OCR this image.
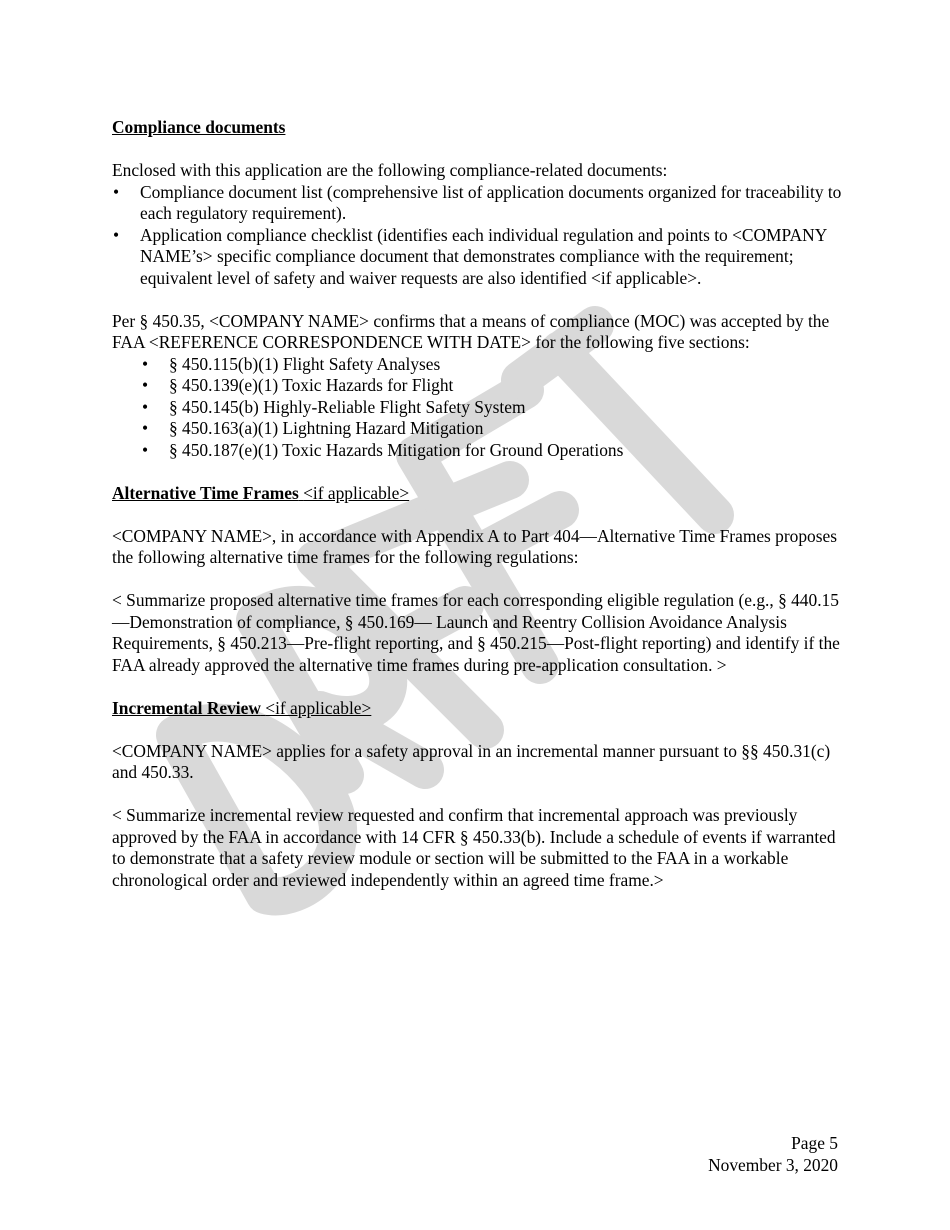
Compliance documents

Enclosed with this application are the following compliance-related documents:

• Compliance document list (comprehensive list of application documents organized for traceability to each regulatory requirement).
• Application compliance checklist (identifies each individual regulation and points to <COMPANY NAME’s> specific compliance document that demonstrates compliance with the requirement; equivalent level of safety and waiver requests are also identified <if applicable>.

Per § 450.35, <COMPANY NAME> confirms that a means of compliance (MOC) was accepted by the FAA <REFERENCE CORRESPONDENCE WITH DATE> for the following five sections:

• § 450.115(b)(1) Flight Safety Analyses
• § 450.139(e)(1) Toxic Hazards for Flight
• § 450.145(b) Highly-Reliable Flight Safety System
• § 450.163(a)(1) Lightning Hazard Mitigation
• § 450.187(e)(1) Toxic Hazards Mitigation for Ground Operations

Alternative Time Frames <if applicable>

<COMPANY NAME>, in accordance with Appendix A to Part 404—Alternative Time Frames proposes the following alternative time frames for the following regulations:

< Summarize proposed alternative time frames for each corresponding eligible regulation (e.g., § 440.15—Demonstration of compliance, § 450.169— Launch and Reentry Collision Avoidance Analysis Requirements, § 450.213—Pre-flight reporting, and § 450.215—Post-flight reporting) and identify if the FAA already approved the alternative time frames during pre-application consultation. >

Incremental Review <if applicable>

<COMPANY NAME> applies for a safety approval in an incremental manner pursuant to §§ 450.31(c) and 450.33.

< Summarize incremental review requested and confirm that incremental approach was previously approved by the FAA in accordance with 14 CFR § 450.33(b). Include a schedule of events if warranted to demonstrate that a safety review module or section will be submitted to the FAA in a workable chronological order and reviewed independently within an agreed time frame.>

Page 5
November 3, 2020
